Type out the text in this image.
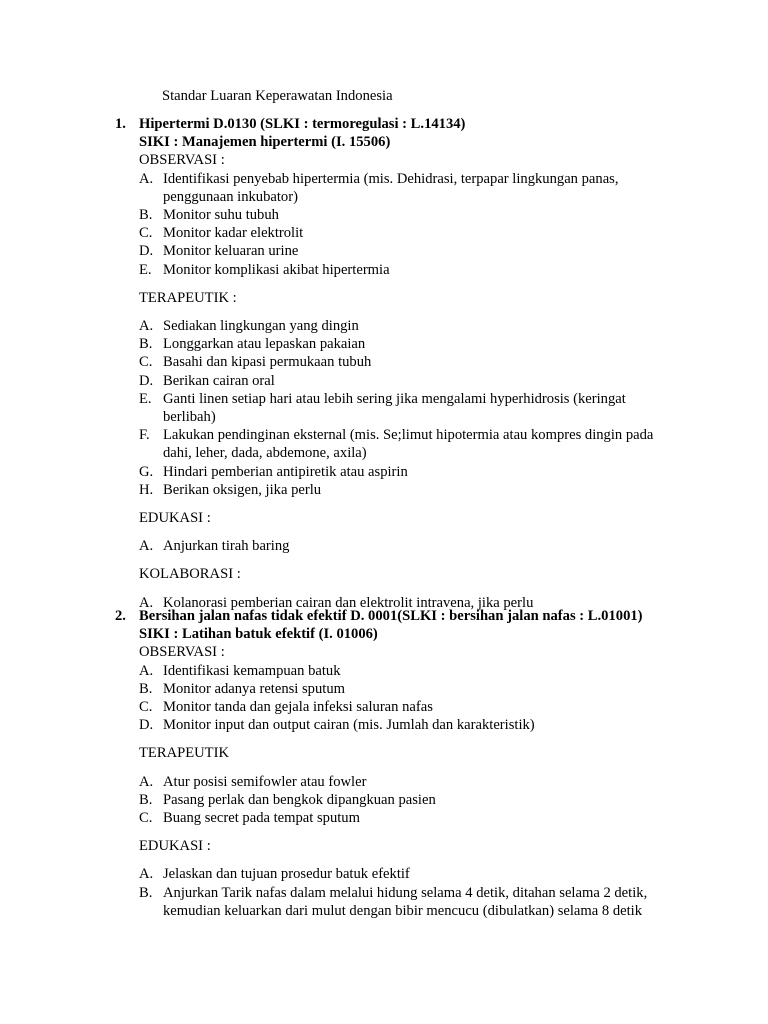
Standar Luaran Keperawatan Indonesia
1. Hipertermi D.0130 (SLKI : termoregulasi : L.14134)
SIKI : Manajemen hipertermi (I. 15506)
OBSERVASI :
A. Identifikasi penyebab hipertermia (mis. Dehidrasi, terpapar lingkungan panas, penggunaan inkubator)
B. Monitor suhu tubuh
C. Monitor kadar elektrolit
D. Monitor keluaran urine
E. Monitor komplikasi akibat hipertermia
TERAPEUTIK :
A. Sediakan lingkungan yang dingin
B. Longgarkan atau lepaskan pakaian
C. Basahi dan kipasi permukaan tubuh
D. Berikan cairan oral
E. Ganti linen setiap hari atau lebih sering jika mengalami hyperhidrosis (keringat berlibah)
F. Lakukan pendinginan eksternal (mis. Se;limut hipotermia atau kompres dingin pada dahi, leher, dada, abdemone, axila)
G. Hindari pemberian antipiretik atau aspirin
H. Berikan oksigen, jika perlu
EDUKASI :
A. Anjurkan tirah baring
KOLABORASI :
A. Kolanorasi pemberian cairan dan elektrolit intravena, jika perlu
2. Bersihan jalan nafas tidak efektif D. 0001(SLKI : bersihan jalan nafas : L.01001)
SIKI : Latihan batuk efektif (I. 01006)
OBSERVASI :
A. Identifikasi kemampuan batuk
B. Monitor adanya retensi sputum
C. Monitor tanda dan gejala infeksi saluran nafas
D. Monitor input dan output cairan (mis. Jumlah dan karakteristik)
TERAPEUTIK
A. Atur posisi semifowler atau fowler
B. Pasang perlak dan bengkok dipangkuan pasien
C. Buang secret pada tempat sputum
EDUKASI :
A. Jelaskan dan tujuan prosedur batuk efektif
B. Anjurkan Tarik nafas dalam melalui hidung selama 4 detik, ditahan selama 2 detik, kemudian keluarkan dari mulut dengan bibir mencucu (dibulatkan) selama 8 detik
